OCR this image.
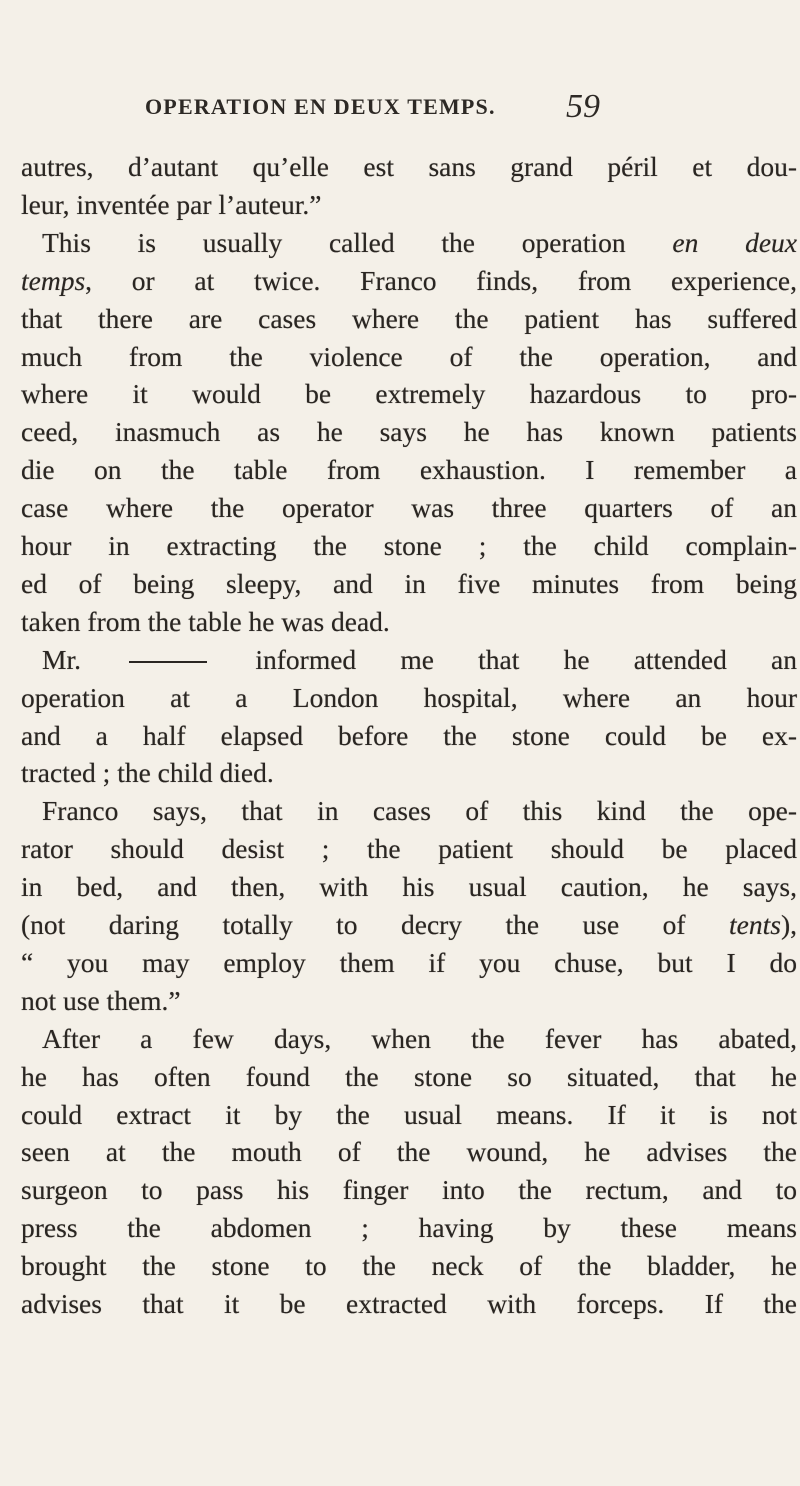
OPERATION EN DEUX TEMPS. 59
autres, d’autant qu’elle est sans grand péril et dou-
leur, inventée par l’auteur.”
This is usually called the operation en deux
temps, or at twice. Franco finds, from experience,
that there are cases where the patient has suffered
much from the violence of the operation, and
where it would be extremely hazardous to pro-
ceed, inasmuch as he says he has known patients
die on the table from exhaustion. I remember a
case where the operator was three quarters of an
hour in extracting the stone ; the child complain-
ed of being sleepy, and in five minutes from being
taken from the table he was dead.
Mr.	informed me that he attended an
operation at a London hospital, where an hour
and a half elapsed before the stone could be ex-
tracted ; the child died.
Franco says, that in cases of this kind the ope-
rator should desist ; the patient should be placed
in bed, and then, with his usual caution, he says,
(not daring totally to decry the use of tents),
“ you may employ them if you chuse, but I do
not use them.”
After a few days, when the fever has abated,
he has often found the stone so situated, that he
could extract it by the usual means. If it is not
seen at the mouth of the wound, he advises the
surgeon to pass his finger into the rectum, and to
press the abdomen ; having by these means
brought the stone to the neck of the bladder, he
advises that it be extracted with forceps. If the
